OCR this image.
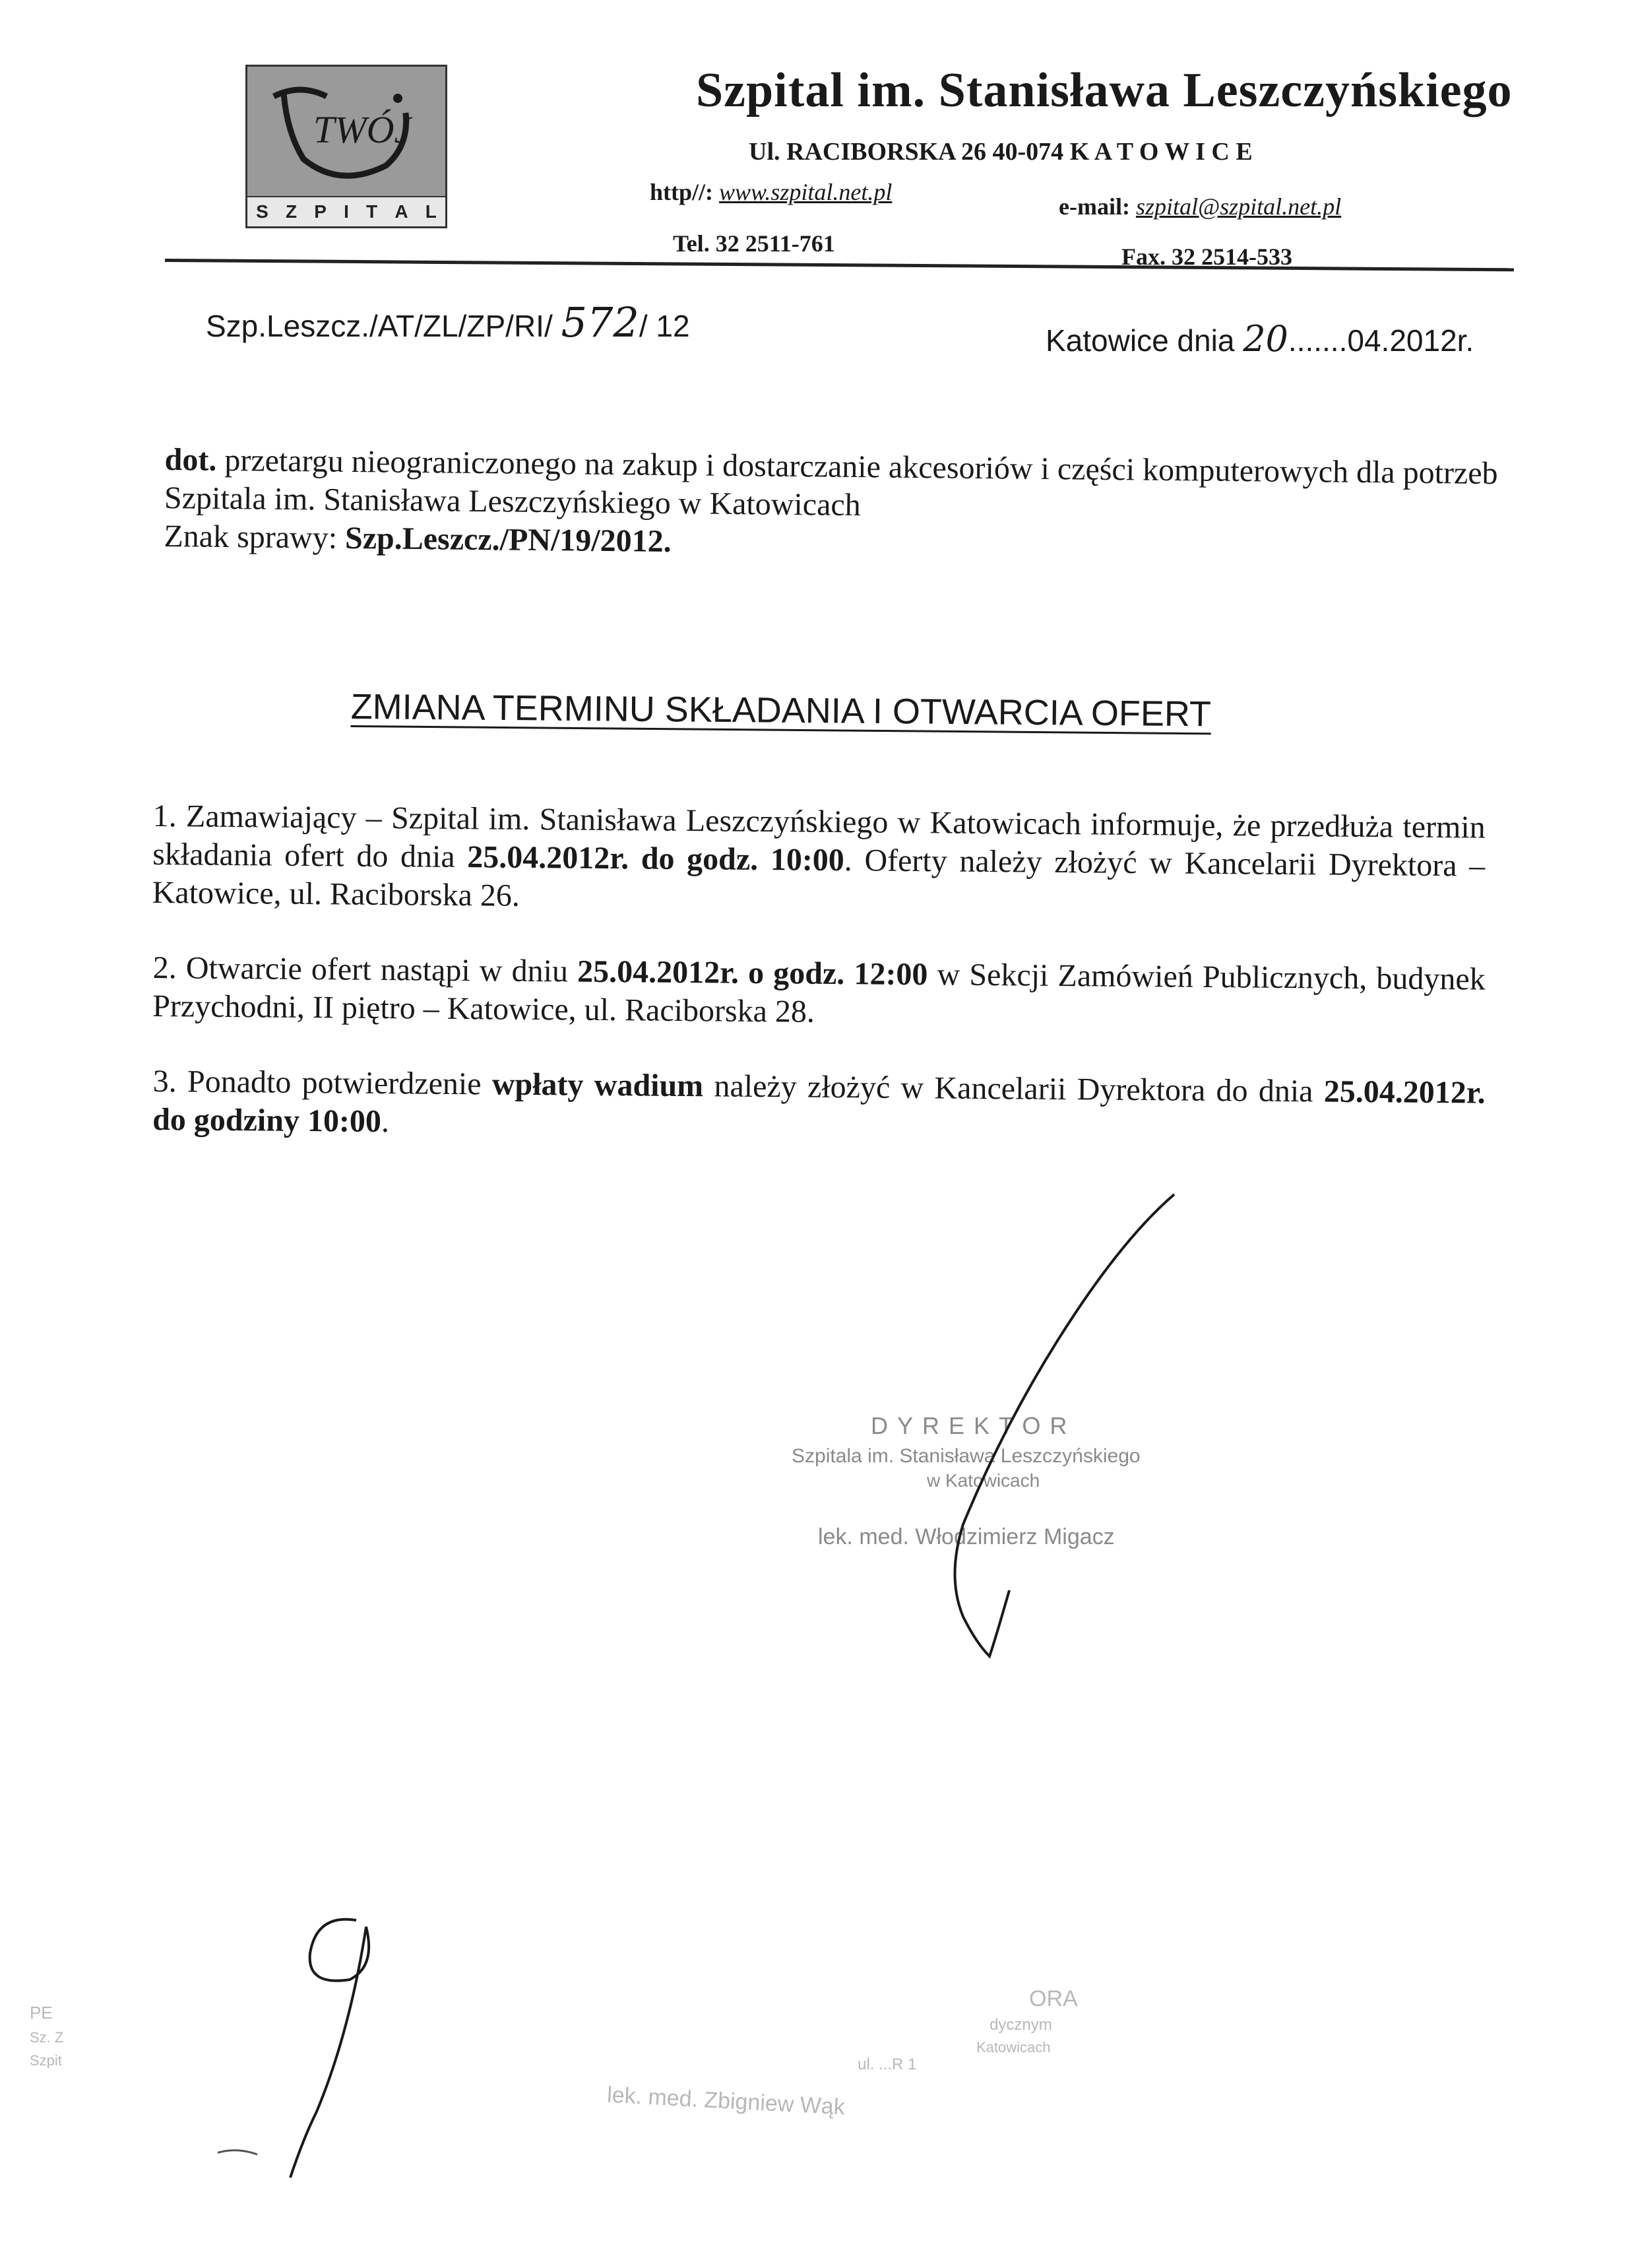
TWÓJ
S Z P I T A L
Szpital im. Stanisława Leszczyńskiego
Ul. RACIBORSKA 26 40-074 K A T O W I C E
http//: www.szpital.net.pl
e-mail: szpital@szpital.net.pl
Tel. 32 2511-761	Fax. 32 2514-533
Szp.Leszcz./AT/ZL/ZP/RI/ 572/ 12	Katowice dnia 20.......04.2012r.
dot. przetargu nieograniczonego na zakup i dostarczanie akcesoriów i części komputerowych dla potrzeb Szpitala im. Stanisława Leszczyńskiego w Katowicach
Znak sprawy: Szp.Leszcz./PN/19/2012.
ZMIANA TERMINU SKŁADANIA I OTWARCIA OFERT
1. Zamawiający – Szpital im. Stanisława Leszczyńskiego w Katowicach informuje, że przedłuża termin składania ofert do dnia 25.04.2012r. do godz. 10:00. Oferty należy złożyć w Kancelarii Dyrektora – Katowice, ul. Raciborska 26.
2. Otwarcie ofert nastąpi w dniu 25.04.2012r. o godz. 12:00 w Sekcji Zamówień Publicznych, budynek Przychodni, II piętro – Katowice, ul. Raciborska 28.
3. Ponadto potwierdzenie wpłaty wadium należy złożyć w Kancelarii Dyrektora do dnia 25.04.2012r. do godziny 10:00.
DYREKTOR
Szpitala im. Stanisława Leszczyńskiego
w Katowicach
lek. med. Włodzimierz Migacz
ORA
dycznym
Katowicach
ul. ...R 1
lek. med. Zbigniew Wąk
PE
Sz. Z
Szpit
